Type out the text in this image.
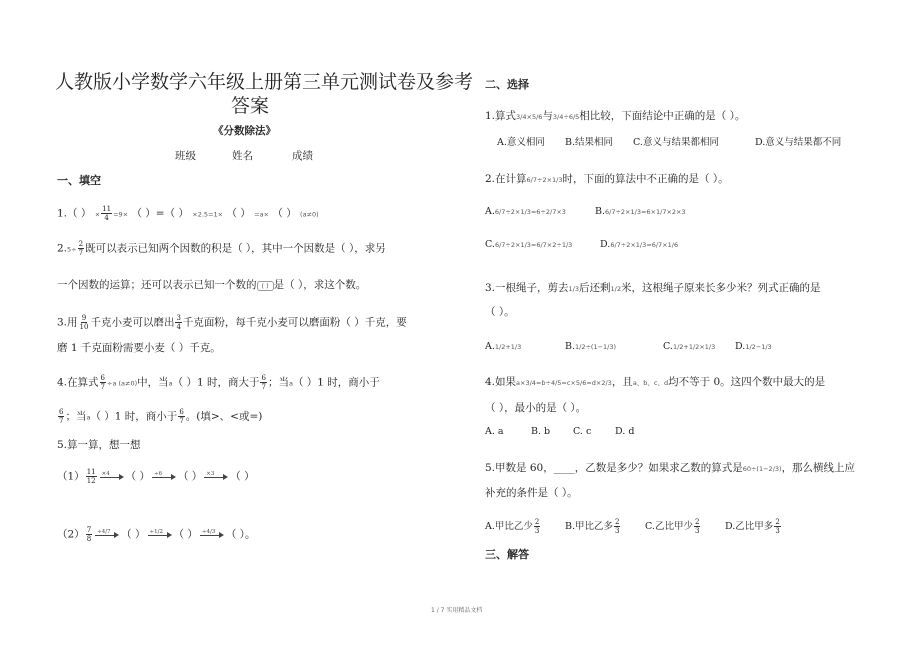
人教版小学数学六年级上册第三单元测试卷及参考
答案
《分数除法》
班级	姓名	成绩
一、填空
1.（ ） × $\frac{11}{4} =9\times$ （ ）=（ ） ×2.5=1× （ ） =a× （ ） (a≠0)
$2.5\div \frac{2}{7}$ 既可以表示已知两个因数的积是（ ），其中一个因数是（ ），求另
一个因数的运算；还可以表示已知一个数的 ( ) 是（ ），求这个数。
3.用 $\frac{9}{10}$ 千克小麦可以磨出 $\frac{3}{4}$ 千克面粉，每千克小麦可以磨面粉（ ）千克，要
磨 1 千克面粉需要小麦（ ）千克。
4.在算式 $\frac{6}{7} \div a$ (a≠0)中，当a（ ）1 时，商大于 $\frac{6}{7}$ ；当a（ ）1 时，商小于
$\frac{6}{7}$ ；当a（ ）1 时，商小于 $\frac{6}{7}$ 。(填>、<或=)
5.算一算，想一想
$(1) \frac{11}{12} \times 4$ （ ） ÷6 （ ） ×3 （ ）
$(2) \frac{7}{8} \div 4/7$ （ ） ÷1/2 （ ） ÷4/3 （ ）。
二、选择
1.算式3/4×5/6与3/4÷6/5相比较，下面结论中正确的是（ ）。
A.意义相同 B.结果相同 C.意义与结果都相同	D.意义与结果都不同
2.在计算6/7÷2×1/3时，下面的算法中不正确的是（ ）。
A.6/7÷2×1/3=6÷2/7×3	B.6/7÷2×1/3=6×1/7×2×3
C.6/7÷2×1/3=6/7×2÷1/3	D.6/7÷2×1/3=6/7×1/6
3.一根绳子，剪去1/3后还剩1/2米，这根绳子原来长多少米？列式正确的是
（ ）。
A.1/2+1/3	B.1/2÷(1−1/3)	C.1/2+1/2×1/3 D.1/2−1/3
4.如果a×3/4=b÷4/5=c×5/6=d×2/3，且a、b、c、d均不等于 0。这四个数中最大的是
（ ），最小的是（ ）。
A. a	B. b C. c D. d
5.甲数是 60，____，乙数是多少？如果求乙数的算式是60÷(1−2/3)，那么横线上应
补充的条件是（ ）。
A.甲比乙少 $\frac{2}{3}$	B.甲比乙多 $\frac{2}{3}$	C.乙比甲少 $\frac{2}{3}$	D.乙比甲多 $\frac{2}{3}$
三、解答
1 / 7 实用精品文档
